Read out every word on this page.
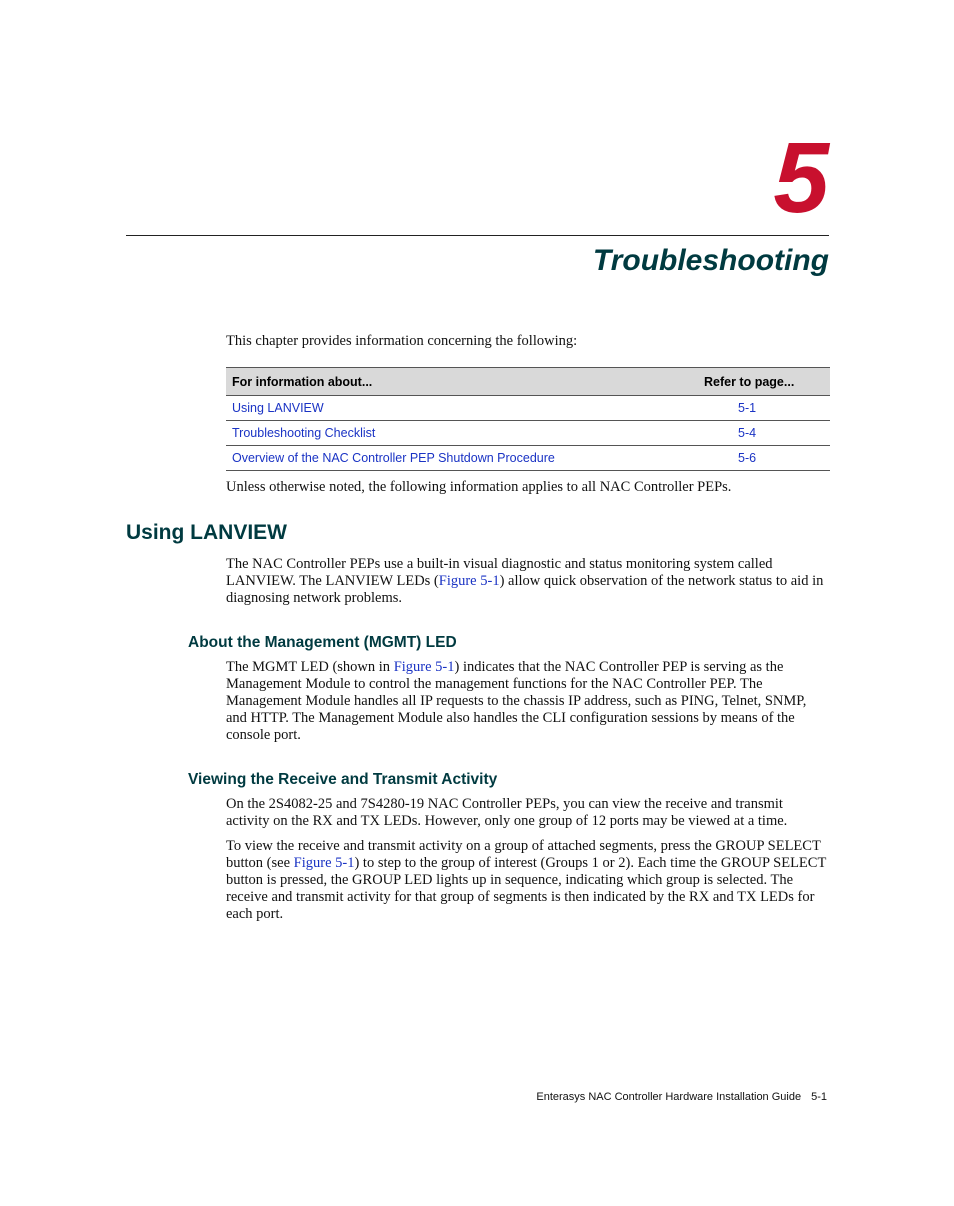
5
Troubleshooting
This chapter provides information concerning the following:
For information about...	Refer to page...
Using LANVIEW	5-1
Troubleshooting Checklist	5-4
Overview of the NAC Controller PEP Shutdown Procedure	5-6
Unless otherwise noted, the following information applies to all NAC Controller PEPs.
Using LANVIEW
The NAC Controller PEPs use a built-in visual diagnostic and status monitoring system called LANVIEW. The LANVIEW LEDs (Figure 5-1) allow quick observation of the network status to aid in diagnosing network problems.
About the Management (MGMT) LED
The MGMT LED (shown in Figure 5-1) indicates that the NAC Controller PEP is serving as the Management Module to control the management functions for the NAC Controller PEP. The Management Module handles all IP requests to the chassis IP address, such as PING, Telnet, SNMP, and HTTP. The Management Module also handles the CLI configuration sessions by means of the console port.
Viewing the Receive and Transmit Activity
On the 2S4082-25 and 7S4280-19 NAC Controller PEPs, you can view the receive and transmit activity on the RX and TX LEDs. However, only one group of 12 ports may be viewed at a time.
To view the receive and transmit activity on a group of attached segments, press the GROUP SELECT button (see Figure 5-1) to step to the group of interest (Groups 1 or 2). Each time the GROUP SELECT button is pressed, the GROUP LED lights up in sequence, indicating which group is selected. The receive and transmit activity for that group of segments is then indicated by the RX and TX LEDs for each port.
Enterasys NAC Controller Hardware Installation Guide 5-1
